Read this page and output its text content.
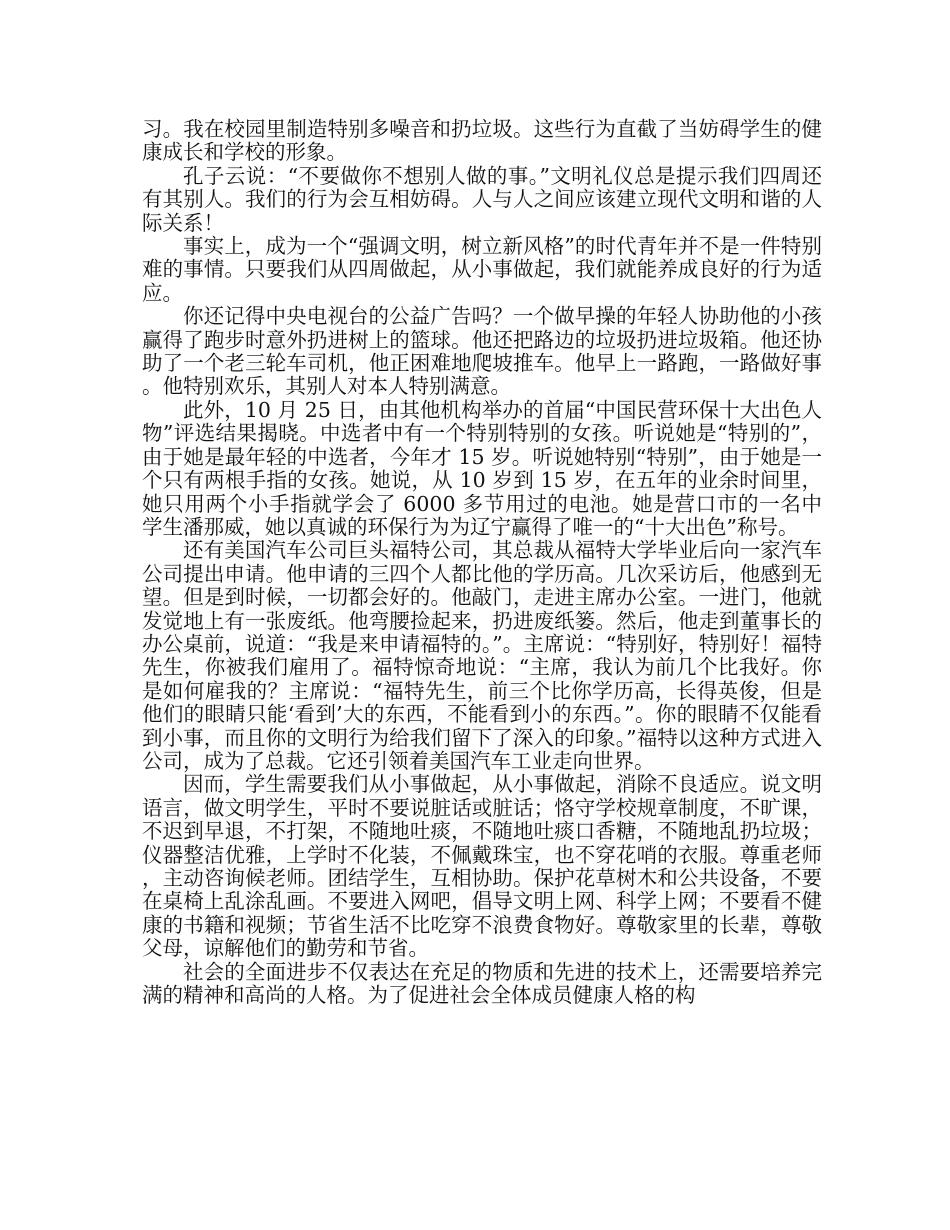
习。我在校园里制造特别多噪音和扔垃圾。这些行为直截了当妨碍学生的健康成长和学校的形象。

孔子云说：“不要做你不想别人做的事。”文明礼仪总是提示我们四周还有其别人。我们的行为会互相妨碍。人与人之间应该建立现代文明和谐的人际关系！

事实上，成为一个“强调文明，树立新风格”的时代青年并不是一件特别难的事情。只要我们从四周做起，从小事做起，我们就能养成良好的行为适应。

你还记得中央电视台的公益广告吗？一个做早操的年轻人协助他的小孩赢得了跑步时意外扔进树上的篮球。他还把路边的垃圾扔进垃圾箱。他还协助了一个老三轮车司机，他正困难地爬坡推车。他早上一路跑，一路做好事。他特别欢乐，其别人对本人特别满意。

此外，10 月 25 日，由其他机构举办的首届“中国民营环保十大出色人物”评选结果揭晓。中选者中有一个特别特别的女孩。听说她是“特别的”，由于她是最年轻的中选者，今年才 15 岁。听说她特别“特别”，由于她是一个只有两根手指的女孩。她说，从 10 岁到 15 岁，在五年的业余时间里，她只用两个小手指就学会了 6000 多节用过的电池。她是营口市的一名中学生潘那威，她以真诚的环保行为为辽宁赢得了唯一的“十大出色”称号。

还有美国汽车公司巨头福特公司，其总裁从福特大学毕业后向一家汽车公司提出申请。他申请的三四个人都比他的学历高。几次采访后，他感到无望。但是到时候，一切都会好的。他敲门，走进主席办公室。一进门，他就发觉地上有一张废纸。他弯腰捡起来，扔进废纸篓。然后，他走到董事长的办公桌前，说道：“我是来申请福特的。”。主席说：“特别好，特别好！福特先生，你被我们雇用了。福特惊奇地说：“主席，我认为前几个比我好。你是如何雇我的？主席说：“福特先生，前三个比你学历高，长得英俊，但是他们的眼睛只能‘看到’大的东西，不能看到小的东西。”。你的眼睛不仅能看到小事，而且你的文明行为给我们留下了深入的印象。”福特以这种方式进入公司，成为了总裁。它还引领着美国汽车工业走向世界。

因而，学生需要我们从小事做起，从小事做起，消除不良适应。说文明语言，做文明学生，平时不要说脏话或脏话；恪守学校规章制度，不旷课，不迟到早退，不打架，不随地吐痰，不随地吐痰口香糖，不随地乱扔垃圾；仪器整洁优雅，上学时不化装，不佩戴珠宝，也不穿花哨的衣服。尊重老师，主动咨询候老师。团结学生，互相协助。保护花草树木和公共设备，不要在桌椅上乱涂乱画。不要进入网吧，倡导文明上网、科学上网；不要看不健康的书籍和视频；节省生活不比吃穿不浪费食物好。尊敬家里的长辈，尊敬父母，谅解他们的勤劳和节省。

社会的全面进步不仅表达在充足的物质和先进的技术上，还需要培养完满的精神和高尚的人格。为了促进社会全体成员健康人格的构
